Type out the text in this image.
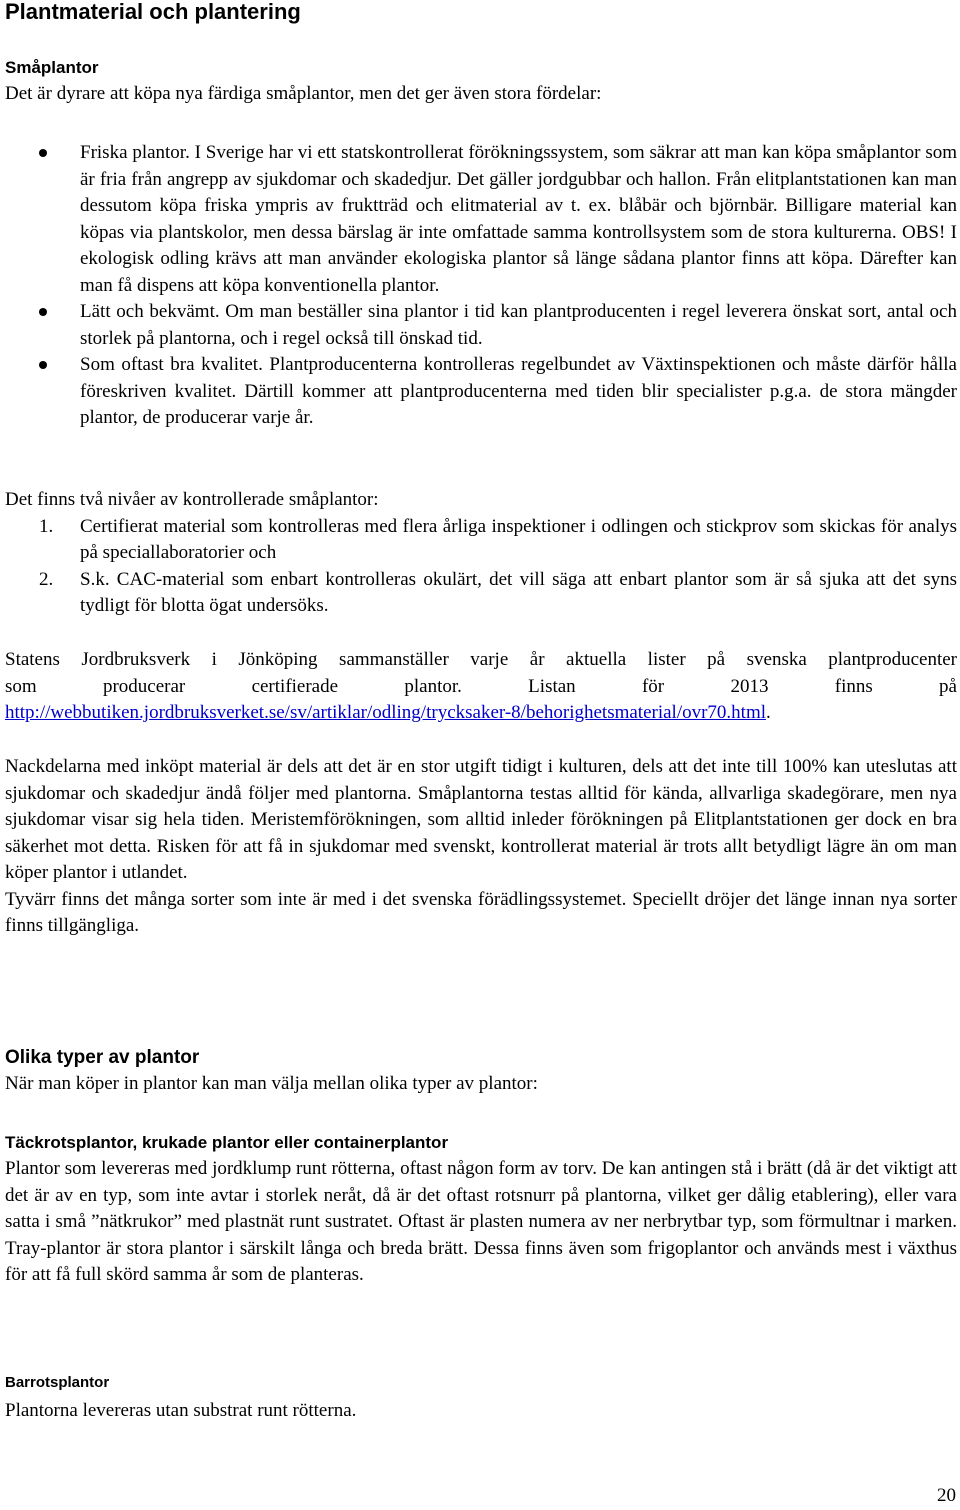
Plantmaterial och plantering
Småplantor

Det är dyrare att köpa nya färdiga småplantor, men det ger även stora fördelar:

Friska plantor. I Sverige har vi ett statskontrollerat förökningssystem, som säkrar att man kan köpa småplantor som är fria från angrepp av sjukdomar och skadedjur. Det gäller jordgubbar och hallon. Från elitplantstationen kan man dessutom köpa friska ympris av fruktträd och elitmaterial av t. ex. blåbär och björnbär. Billigare material kan köpas via plantskolor, men dessa bärslag är inte omfattade samma kontrollsystem som de stora kulturerna. OBS! I ekologisk odling krävs att man använder ekologiska plantor så länge sådana plantor finns att köpa. Därefter kan man få dispens att köpa konventionella plantor.
Lätt och bekvämt. Om man beställer sina plantor i tid kan plantproducenten i regel leverera önskat sort, antal och storlek på plantorna, och i regel också till önskad tid.
Som oftast bra kvalitet. Plantproducenterna kontrolleras regelbundet av Växtinspektionen och måste därför hålla föreskriven kvalitet. Därtill kommer att plantproducenterna med tiden blir specialister p.g.a. de stora mängder plantor, de producerar varje år.

Det finns två nivåer av kontrollerade småplantor:

1. Certifierat material som kontrolleras med flera årliga inspektioner i odlingen och stickprov som skickas för analys på speciallaboratorier och
2. S.k. CAC-material som enbart kontrolleras okulärt, det vill säga att enbart plantor som är så sjuka att det syns tydligt för blotta ögat undersöks.

Statens Jordbruksverk i Jönköping sammanställer varje år aktuella lister på svenska plantproducenter

som producerar certifierade plantor. Listan för 2013 finns på

http://webbutiken.jordbruksverket.se/sv/artiklar/odling/trycksaker-8/behorighetsmaterial/ovr70.html.

Nackdelarna med inköpt material är dels att det är en stor utgift tidigt i kulturen, dels att det inte till 100% kan uteslutas att sjukdomar och skadedjur ändå följer med plantorna. Småplantorna testas alltid för kända, allvarliga skadegörare, men nya sjukdomar visar sig hela tiden. Meristemförökningen, som alltid inleder förökningen på Elitplantstationen ger dock en bra säkerhet mot detta. Risken för att få in sjukdomar med svenskt, kontrollerat material är trots allt betydligt lägre än om man köper plantor i utlandet.

Tyvärr finns det många sorter som inte är med i det svenska förädlingssystemet. Speciellt dröjer det länge innan nya sorter finns tillgängliga.

Olika typer av plantor

När man köper in plantor kan man välja mellan olika typer av plantor:

Täckrotsplantor, krukade plantor eller containerplantor

Plantor som levereras med jordklump runt rötterna, oftast någon form av torv. De kan antingen stå i brätt (då är det viktigt att det är av en typ, som inte avtar i storlek neråt, då är det oftast rotsnurr på plantorna, vilket ger dålig etablering), eller vara satta i små ”nätkrukor” med plastnät runt sustratet. Oftast är plasten numera av ner nerbrytbar typ, som förmultnar i marken. Tray-plantor är stora plantor i särskilt långa och breda brätt. Dessa finns även som frigoplantor och används mest i växthus för att få full skörd samma år som de planteras.

Barrotsplantor

Plantorna levereras utan substrat runt rötterna.

20
